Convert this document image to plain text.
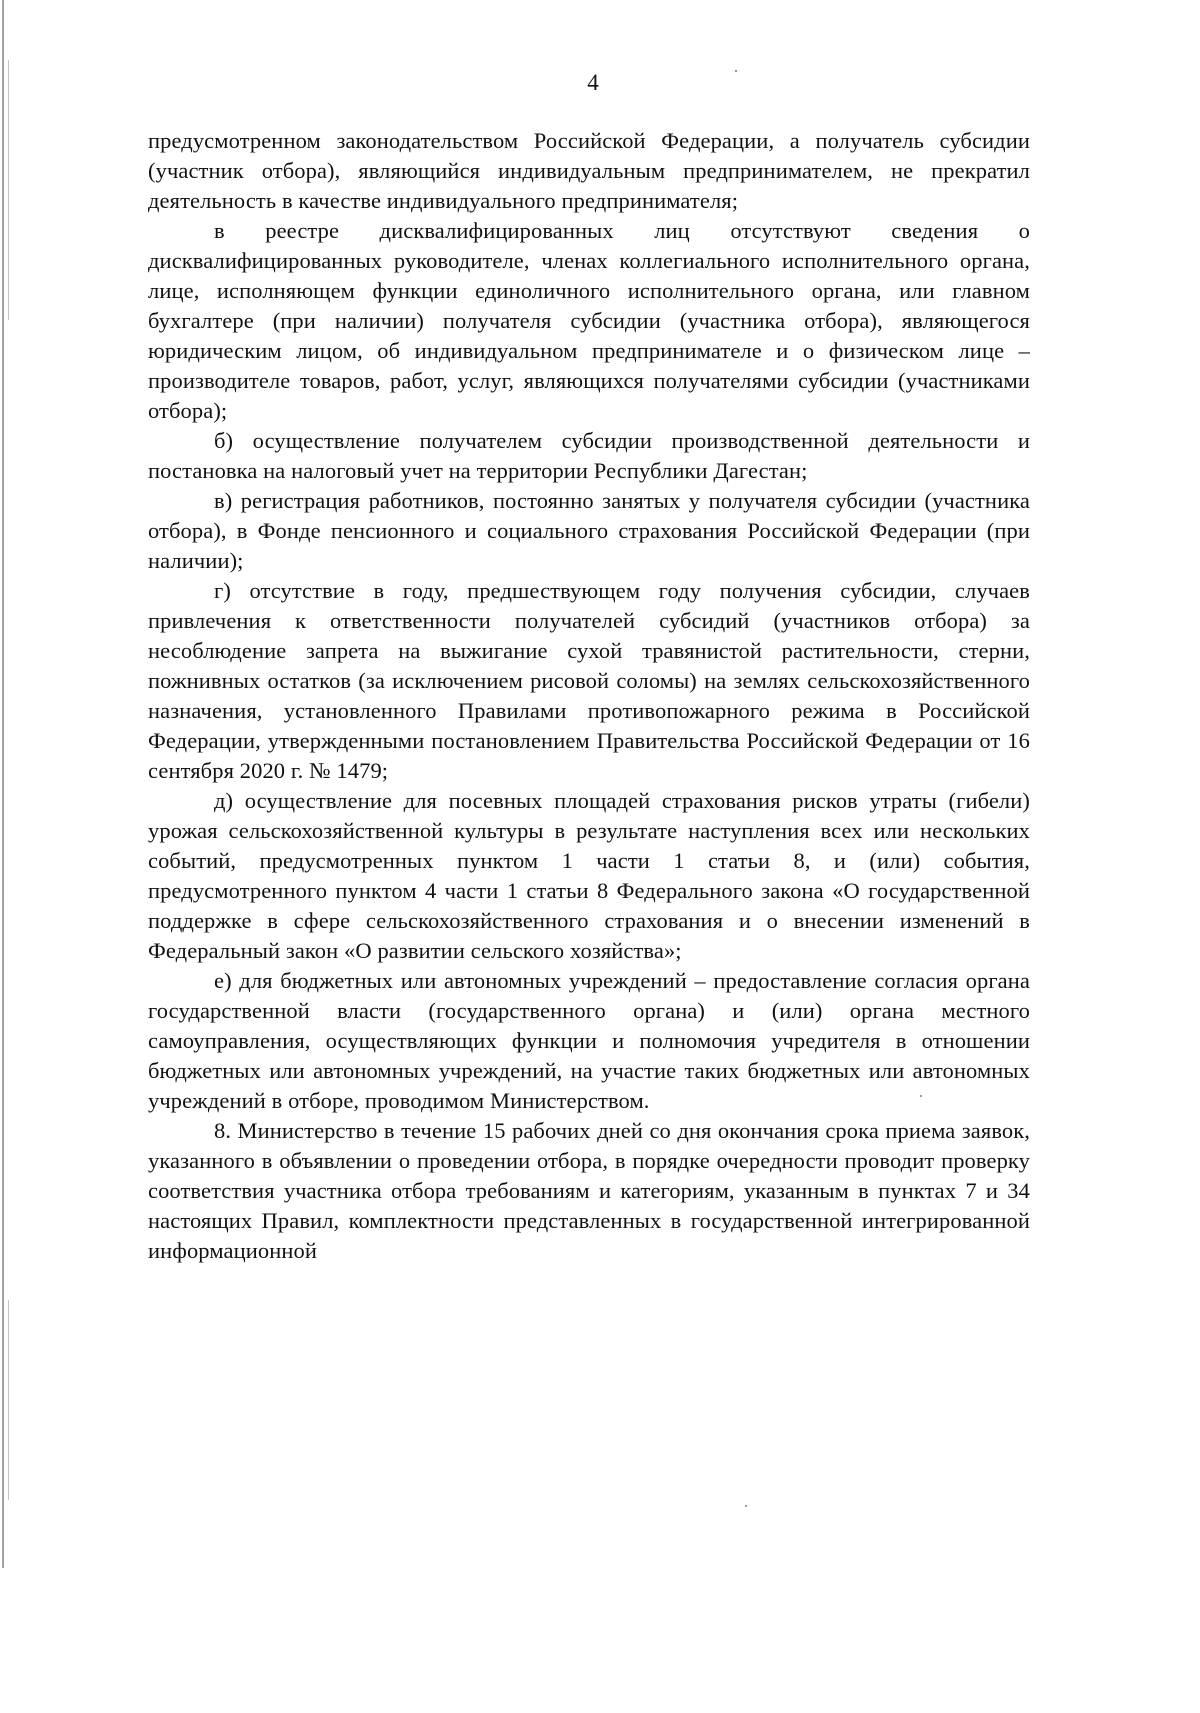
4

предусмотренном законодательством Российской Федерации, а получатель субсидии (участник отбора), являющийся индивидуальным предпринимателем, не прекратил деятельность в качестве индивидуального предпринимателя;

в реестре дисквалифицированных лиц отсутствуют сведения о дисквалифицированных руководителе, членах коллегиального исполнительного органа, лице, исполняющем функции единоличного исполнительного органа, или главном бухгалтере (при наличии) получателя субсидии (участника отбора), являющегося юридическим лицом, об индивидуальном предпринимателе и о физическом лице – производителе товаров, работ, услуг, являющихся получателями субсидии (участниками отбора);

б) осуществление получателем субсидии производственной деятельности и постановка на налоговый учет на территории Республики Дагестан;

в) регистрация работников, постоянно занятых у получателя субсидии (участника отбора), в Фонде пенсионного и социального страхования Российской Федерации (при наличии);

г) отсутствие в году, предшествующем году получения субсидии, случаев привлечения к ответственности получателей субсидий (участников отбора) за несоблюдение запрета на выжигание сухой травянистой растительности, стерни, пожнивных остатков (за исключением рисовой соломы) на землях сельскохозяйственного назначения, установленного Правилами противопожарного режима в Российской Федерации, утвержденными постановлением Правительства Российской Федерации от 16 сентября 2020 г. № 1479;

д) осуществление для посевных площадей страхования рисков утраты (гибели) урожая сельскохозяйственной культуры в результате наступления всех или нескольких событий, предусмотренных пунктом 1 части 1 статьи 8, и (или) события, предусмотренного пунктом 4 части 1 статьи 8 Федерального закона «О государственной поддержке в сфере сельскохозяйственного страхования и о внесении изменений в Федеральный закон «О развитии сельского хозяйства»;

е) для бюджетных или автономных учреждений – предоставление согласия органа государственной власти (государственного органа) и (или) органа местного самоуправления, осуществляющих функции и полномочия учредителя в отношении бюджетных или автономных учреждений, на участие таких бюджетных или автономных учреждений в отборе, проводимом Министерством.

8. Министерство в течение 15 рабочих дней со дня окончания срока приема заявок, указанного в объявлении о проведении отбора, в порядке очередности проводит проверку соответствия участника отбора требованиям и категориям, указанным в пунктах 7 и 34 настоящих Правил, комплектности представленных в государственной интегрированной информационной
